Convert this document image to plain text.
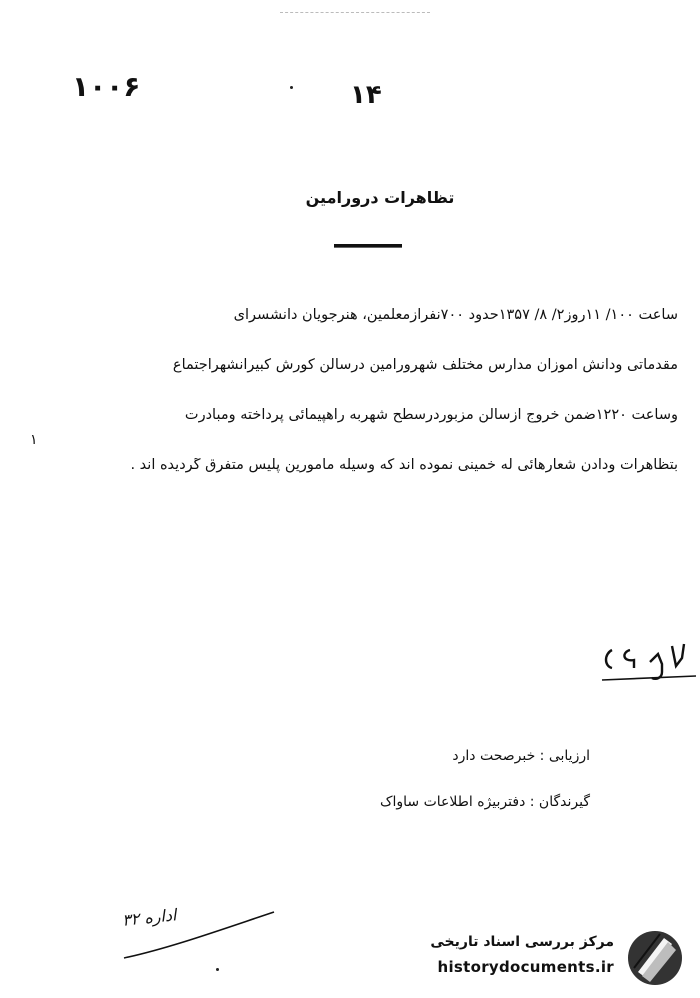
۱۰۰۶	۱۴
تظاهرات درورامین
ساعت ۱۰۰/ ۱۱روز۲/ ۸/ ۱۳۵۷حدود ۷۰۰نفرازمعلمین، هنرجویان دانشسرای
مقدماتی ودانش آموزان مدارس مختلف شهرورامین درسالن کورش کبیرآنشهراجتماع
وساعت ۱۲۲۰ضمن خروج ازسالن مزبوردرسطح شهربه راهپیمائی پرداخته ومبادرت
بتظاهرات ودادن شعارهائی له خمینی نموده اند که وسیله مامورین پلیس متفرق گردیده اند .
۱
ارزیابی : خبرصحت دارد
گیرندگان : دفتربیژه اطلاعات ساواک
اداره ۳۲
مرکز بررسی اسناد تاریخی
historydocuments.ir
